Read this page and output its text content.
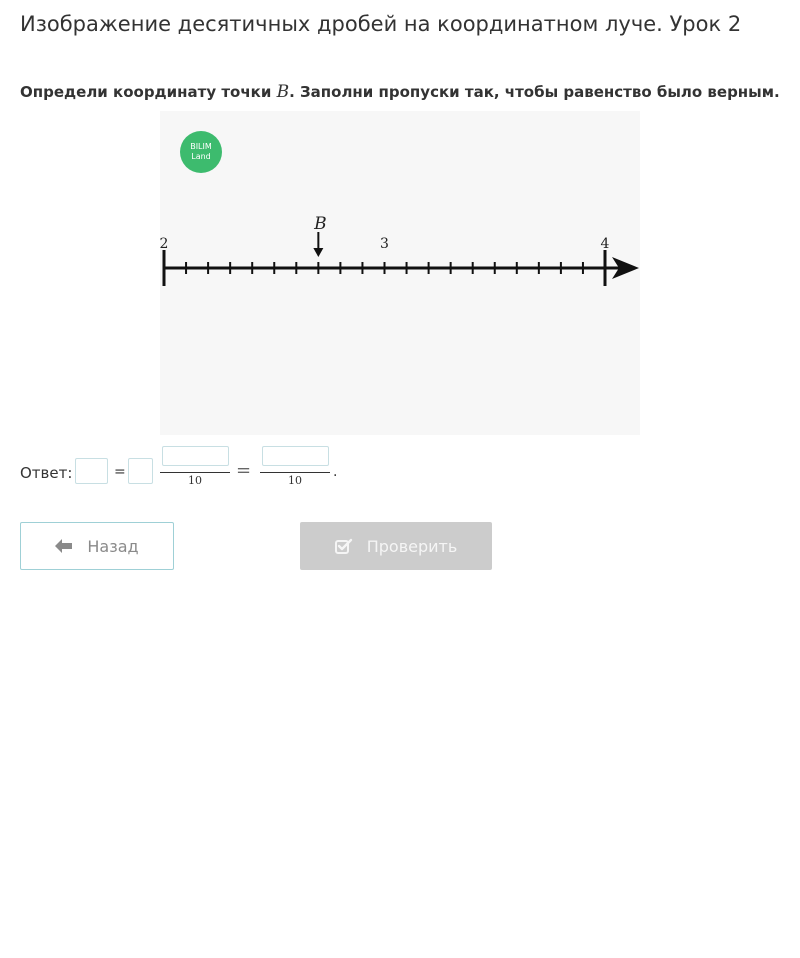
Изображение десятичных дробей на координатном луче. Урок 2
Определи координату точки B. Заполни пропуски так, чтобы равенство было верным.
BILIM
Land
2	3	4
B
Ответ:	=
10	=	10
.
Назад	Проверить
